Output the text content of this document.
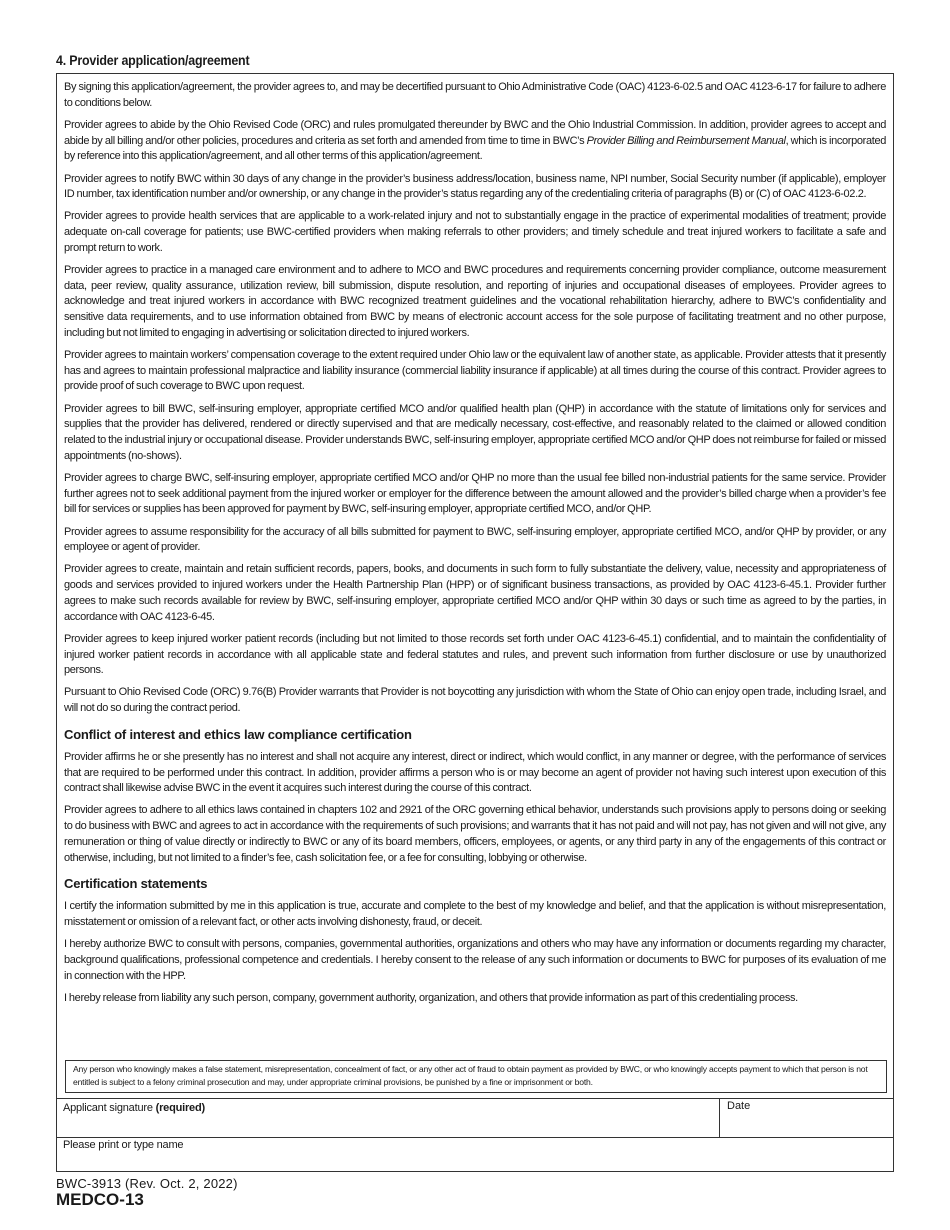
4. Provider application/agreement

By signing this application/agreement, the provider agrees to, and may be decertified pursuant to Ohio Administrative Code (OAC) 4123-6-02.5 and OAC 4123-6-17 for failure to adhere to conditions below.

Provider agrees to abide by the Ohio Revised Code (ORC) and rules promulgated thereunder by BWC and the Ohio Industrial Commission. In addition, provider agrees to accept and abide by all billing and/or other policies, procedures and criteria as set forth and amended from time to time in BWC’s Provider Billing and Reimbursement Manual, which is incorporated by reference into this application/agreement, and all other terms of this application/agreement.

Provider agrees to notify BWC within 30 days of any change in the provider’s business address/location, business name, NPI number, Social Security number (if applicable), employer ID number, tax identification number and/or ownership, or any change in the provider’s status regarding any of the credentialing criteria of paragraphs (B) or (C) of OAC 4123-6-02.2.

Provider agrees to provide health services that are applicable to a work-related injury and not to substantially engage in the practice of experimental modalities of treatment; provide adequate on-call coverage for patients; use BWC-certified providers when making referrals to other providers; and timely schedule and treat injured workers to facilitate a safe and prompt return to work.

Provider agrees to practice in a managed care environment and to adhere to MCO and BWC procedures and requirements concerning provider compliance, outcome measurement data, peer review, quality assurance, utilization review, bill submission, dispute resolution, and reporting of injuries and occupational diseases of employees. Provider agrees to acknowledge and treat injured workers in accordance with BWC recognized treatment guidelines and the vocational rehabilitation hierarchy, adhere to BWC’s confidentiality and sensitive data requirements, and to use information obtained from BWC by means of electronic account access for the sole purpose of facilitating treatment and no other purpose, including but not limited to engaging in advertising or solicitation directed to injured workers.

Provider agrees to maintain workers’ compensation coverage to the extent required under Ohio law or the equivalent law of another state, as applicable. Provider attests that it presently has and agrees to maintain professional malpractice and liability insurance (commercial liability insurance if applicable) at all times during the course of this contract. Provider agrees to provide proof of such coverage to BWC upon request.

Provider agrees to bill BWC, self-insuring employer, appropriate certified MCO and/or qualified health plan (QHP) in accordance with the statute of limitations only for services and supplies that the provider has delivered, rendered or directly supervised and that are medically necessary, cost-effective, and reasonably related to the claimed or allowed condition related to the industrial injury or occupational disease. Provider understands BWC, self-insuring employer, appropriate certified MCO and/or QHP does not reimburse for failed or missed appointments (no-shows).

Provider agrees to charge BWC, self-insuring employer, appropriate certified MCO and/or QHP no more than the usual fee billed non-industrial patients for the same service. Provider further agrees not to seek additional payment from the injured worker or employer for the difference between the amount allowed and the provider’s billed charge when a provider’s fee bill for services or supplies has been approved for payment by BWC, self-insuring employer, appropriate certified MCO, and/or QHP.

Provider agrees to assume responsibility for the accuracy of all bills submitted for payment to BWC, self-insuring employer, appropriate certified MCO, and/or QHP by provider, or any employee or agent of provider.

Provider agrees to create, maintain and retain sufficient records, papers, books, and documents in such form to fully substantiate the delivery, value, necessity and appropriateness of goods and services provided to injured workers under the Health Partnership Plan (HPP) or of significant business transactions, as provided by OAC 4123-6-45.1. Provider further agrees to make such records available for review by BWC, self-insuring employer, appropriate certified MCO and/or QHP within 30 days or such time as agreed to by the parties, in accordance with OAC 4123-6-45.

Provider agrees to keep injured worker patient records (including but not limited to those records set forth under OAC 4123-6-45.1) confidential, and to maintain the confidentiality of injured worker patient records in accordance with all applicable state and federal statutes and rules, and prevent such information from further disclosure or use by unauthorized persons.

Pursuant to Ohio Revised Code (ORC) 9.76(B) Provider warrants that Provider is not boycotting any jurisdiction with whom the State of Ohio can enjoy open trade, including Israel, and will not do so during the contract period.

Conflict of interest and ethics law compliance certification

Provider affirms he or she presently has no interest and shall not acquire any interest, direct or indirect, which would conflict, in any manner or degree, with the performance of services that are required to be performed under this contract. In addition, provider affirms a person who is or may become an agent of provider not having such interest upon execution of this contract shall likewise advise BWC in the event it acquires such interest during the course of this contract.

Provider agrees to adhere to all ethics laws contained in chapters 102 and 2921 of the ORC governing ethical behavior, understands such provisions apply to persons doing or seeking to do business with BWC and agrees to act in accordance with the requirements of such provisions; and warrants that it has not paid and will not pay, has not given and will not give, any remuneration or thing of value directly or indirectly to BWC or any of its board members, officers, employees, or agents, or any third party in any of the engagements of this contract or otherwise, including, but not limited to a finder’s fee, cash solicitation fee, or a fee for consulting, lobbying or otherwise.

Certification statements

I certify the information submitted by me in this application is true, accurate and complete to the best of my knowledge and belief, and that the application is without misrepresentation, misstatement or omission of a relevant fact, or other acts involving dishonesty, fraud, or deceit.

I hereby authorize BWC to consult with persons, companies, governmental authorities, organizations and others who may have any information or documents regarding my character, background qualifications, professional competence and credentials. I hereby consent to the release of any such information or documents to BWC for purposes of its evaluation of me in connection with the HPP.

I hereby release from liability any such person, company, government authority, organization, and others that provide information as part of this credentialing process.

Any person who knowingly makes a false statement, misrepresentation, concealment of fact, or any other act of fraud to obtain payment as provided by BWC, or who knowingly accepts payment to which that person is not entitled is subject to a felony criminal prosecution and may, under appropriate criminal provisions, be punished by a fine or imprisonment or both.
Applicant signature (required)	Date
Please print or type name
BWC-3913 (Rev. Oct. 2, 2022)
MEDCO-13
